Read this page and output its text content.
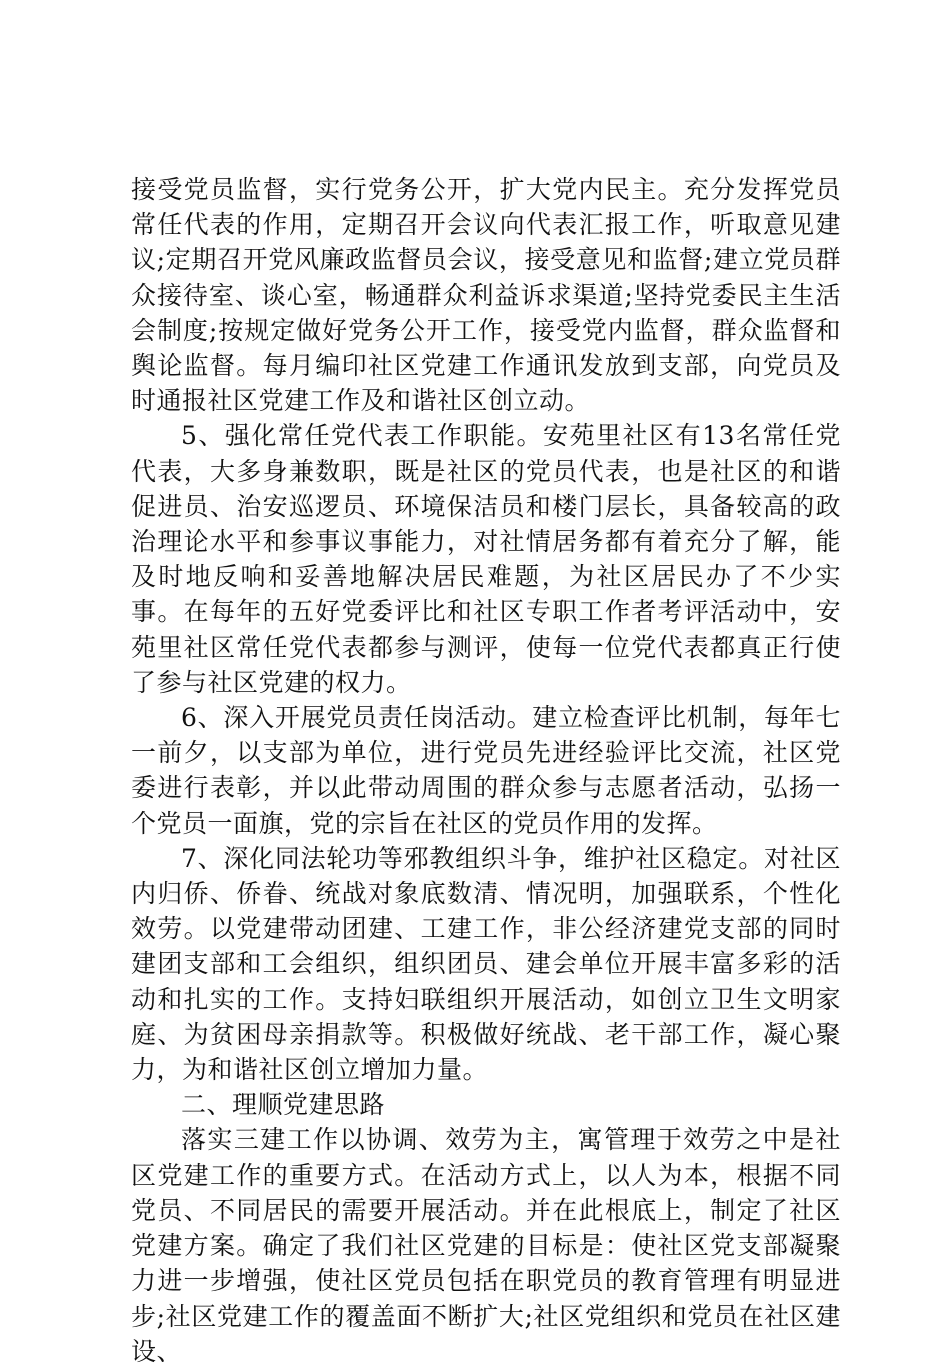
接受党员监督，实行党务公开，扩大党内民主。充分发挥党员常任代表的作用，定期召开会议向代表汇报工作，听取意见建议;定期召开党风廉政监督员会议，接受意见和监督;建立党员群众接待室、谈心室，畅通群众利益诉求渠道;坚持党委民主生活会制度;按规定做好党务公开工作，接受党内监督，群众监督和舆论监督。每月编印社区党建工作通讯发放到支部，向党员及时通报社区党建工作及和谐社区创立动。

5、强化常任党代表工作职能。安苑里社区有13名常任党代表，大多身兼数职，既是社区的党员代表，也是社区的和谐促进员、治安巡逻员、环境保洁员和楼门层长，具备较高的政治理论水平和参事议事能力，对社情居务都有着充分了解，能及时地反响和妥善地解决居民难题，为社区居民办了不少实事。在每年的五好党委评比和社区专职工作者考评活动中，安苑里社区常任党代表都参与测评，使每一位党代表都真正行使了参与社区党建的权力。

6、深入开展党员责任岗活动。建立检查评比机制，每年七一前夕，以支部为单位，进行党员先进经验评比交流，社区党委进行表彰，并以此带动周围的群众参与志愿者活动，弘扬一个党员一面旗，党的宗旨在社区的党员作用的发挥。

7、深化同法轮功等邪教组织斗争，维护社区稳定。对社区内归侨、侨眷、统战对象底数清、情况明，加强联系，个性化效劳。以党建带动团建、工建工作，非公经济建党支部的同时建团支部和工会组织，组织团员、建会单位开展丰富多彩的活动和扎实的工作。支持妇联组织开展活动，如创立卫生文明家庭、为贫困母亲捐款等。积极做好统战、老干部工作，凝心聚力，为和谐社区创立增加力量。

二、理顺党建思路

落实三建工作以协调、效劳为主，寓管理于效劳之中是社区党建工作的重要方式。在活动方式上，以人为本，根据不同党员、不同居民的需要开展活动。并在此根底上，制定了社区党建方案。确定了我们社区党建的目标是：使社区党支部凝聚力进一步增强，使社区党员包括在职党员的教育管理有明显进步;社区党建工作的覆盖面不断扩大;社区党组织和党员在社区建设、
